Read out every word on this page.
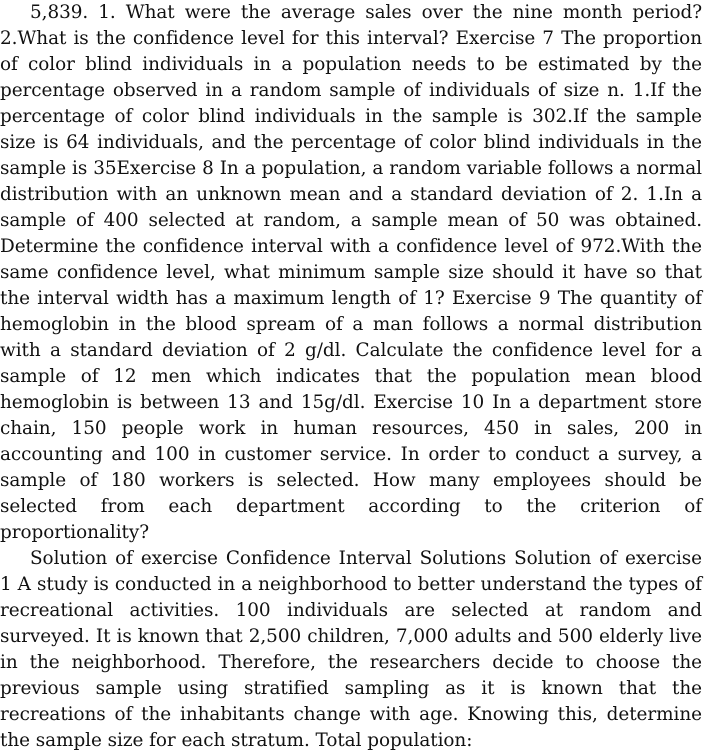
5,839. 1. What were the average sales over the nine month period? 2.What is the confidence level for this interval? Exercise 7 The proportion of color blind individuals in a population needs to be estimated by the percentage observed in a random sample of individuals of size n. 1.If the percentage of color blind individuals in the sample is 302.If the sample size is 64 individuals, and the percentage of color blind individuals in the sample is 35Exercise 8 In a population, a random variable follows a normal distribution with an unknown mean and a standard deviation of 2. 1.In a sample of 400 selected at random, a sample mean of 50 was obtained. Determine the confidence interval with a confidence level of 972.With the same confidence level, what minimum sample size should it have so that the interval width has a maximum length of 1? Exercise 9 The quantity of hemoglobin in the blood spream of a man follows a normal distribution with a standard deviation of 2 g/dl. Calculate the confidence level for a sample of 12 men which indicates that the population mean blood hemoglobin is between 13 and 15g/dl. Exercise 10 In a department store chain, 150 people work in human resources, 450 in sales, 200 in accounting and 100 in customer service. In order to conduct a survey, a sample of 180 workers is selected. How many employees should be selected from each department according to the criterion of proportionality?

Solution of exercise Confidence Interval Solutions Solution of exercise 1 A study is conducted in a neighborhood to better understand the types of recreational activities. 100 individuals are selected at random and surveyed. It is known that 2,500 children, 7,000 adults and 500 elderly live in the neighborhood. Therefore, the researchers decide to choose the previous sample using stratified sampling as it is known that the recreations of the inhabitants change with age. Knowing this, determine the sample size for each stratum. Total population:
